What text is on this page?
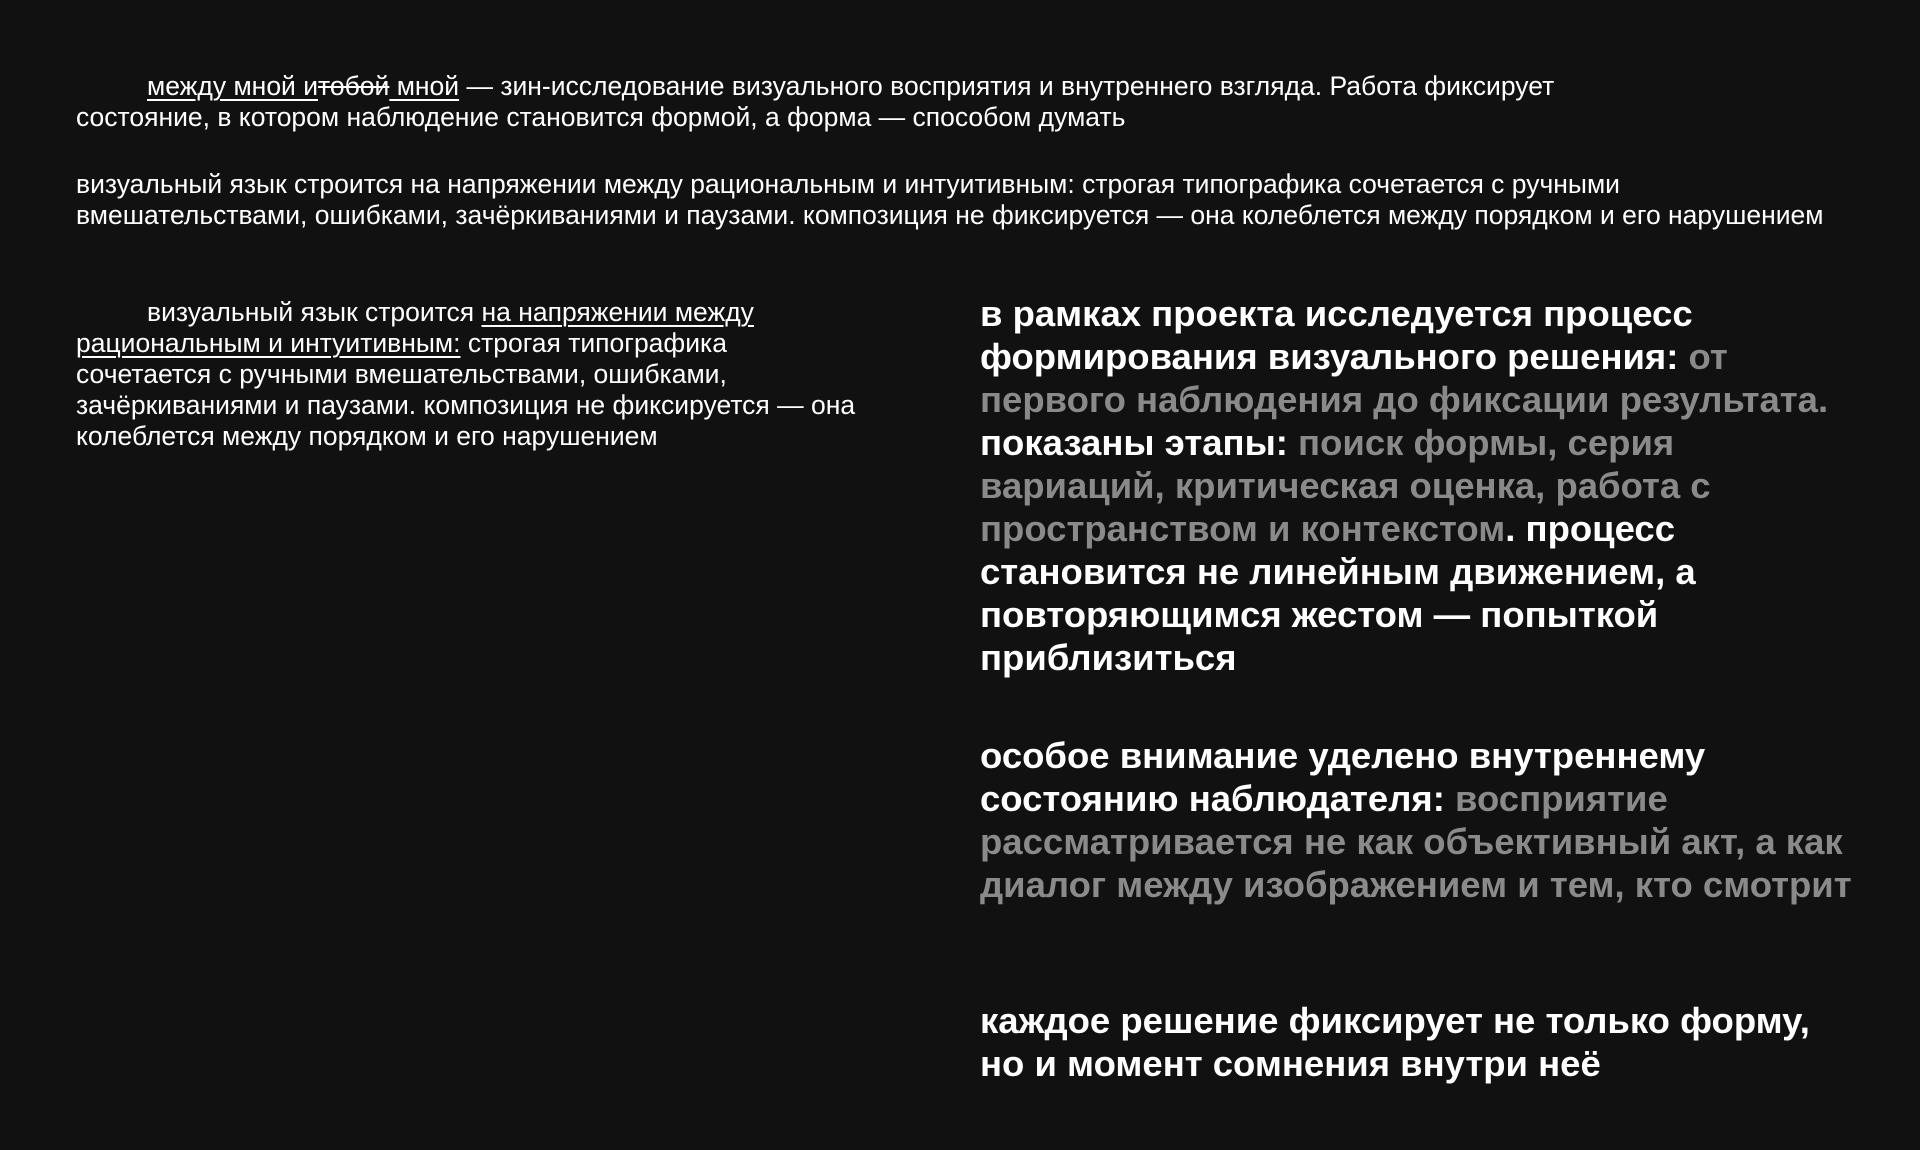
между мной итобой мной — зин-исследование визуального восприятия и внутреннего взгляда. Работа фиксирует
состояние, в котором наблюдение становится формой, а форма — способом думать

визуальный язык строится на напряжении между рациональным и интуитивным: строгая типографика сочетается с ручными вмешательствами, ошибками, зачёркиваниями и паузами. композиция не фиксируется — она колеблется между порядком и его нарушением

визуальный язык строится на напряжении между рациональным и интуитивным: строгая типографика сочетается с ручными вмешательствами, ошибками, зачёркиваниями и паузами. композиция не фиксируется — она колеблется между порядком и его нарушением

в рамках проекта исследуется процесс формирования визуального решения: от первого наблюдения до фиксации результата. показаны этапы: поиск формы, серия вариаций, критическая оценка, работа с пространством и контекстом. процесс становится не линейным движением, а повторяющимся жестом — попыткой приблизиться

особое внимание уделено внутреннему состоянию наблюдателя: восприятие рассматривается не как объективный акт, а как диалог между изображением и тем, кто смотрит

каждое решение фиксирует не только форму, но и момент сомнения внутри неё
